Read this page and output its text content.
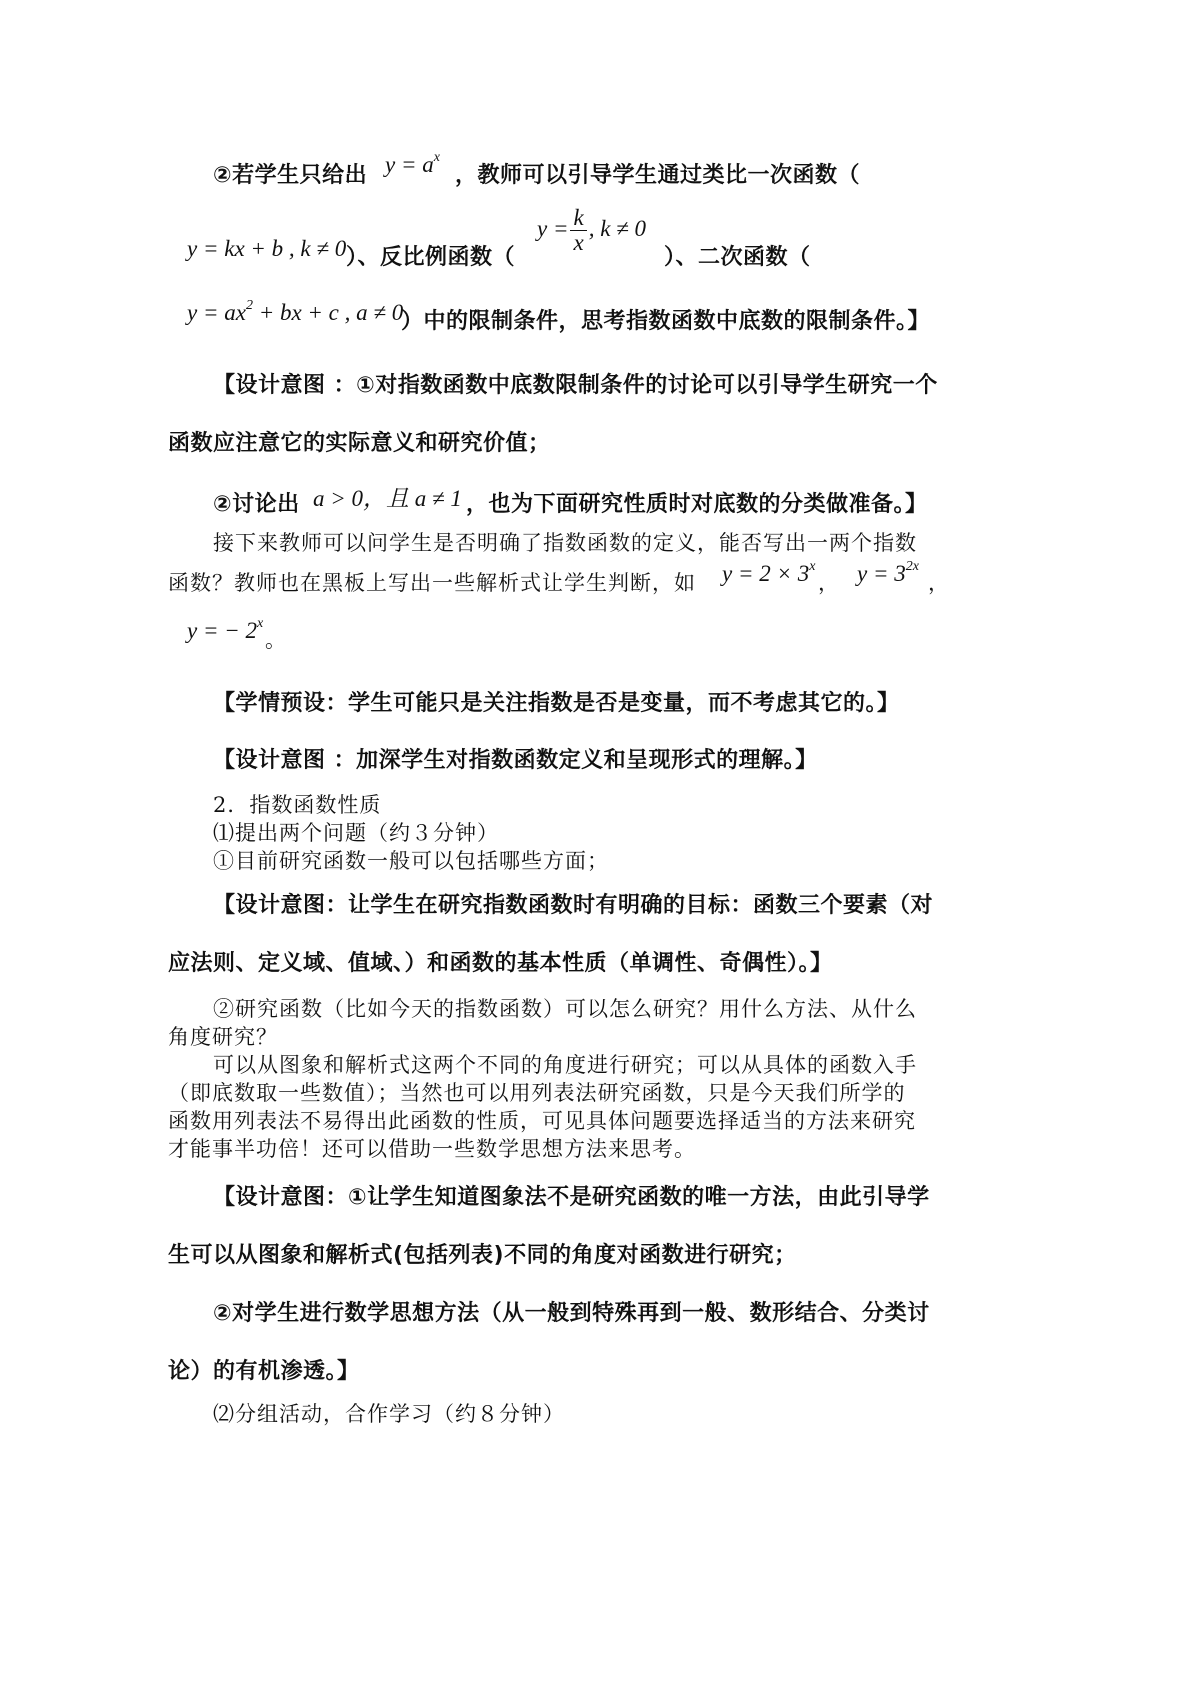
②若学生只给出 $y = a^x$
，教师可以引导学生通过类比一次函数（
y = kx + b , k ≠ 0 ）、反比例函数（
$y = \frac{k}{x}$ , k ≠ 0
）、二次函数（
$y = ax^2$ + bx + c , a ≠ 0
）中的限制条件，思考指数函数中底数的限制条件。】
【设计意图 ：①对指数函数中底数限制条件的讨论可以引导学生研究一个
函数应注意它的实际意义和研究价值；
②讨论出 a > 0，且 a ≠ 1 ，也为下面研究性质时对底数的分类做准备。】
接下来教师可以问学生是否明确了指数函数的定义，能否写出一两个指数
函数？教师也在黑板上写出一些解析式让学生判断，如 $y = 2 \times 3^x$
， $y = 3^{2x}$
，
y = − $2^x$
。
【学情预设：学生可能只是关注指数是否是变量，而不考虑其它的。】
【设计意图 ：加深学生对指数函数定义和呈现形式的理解。】
2．指数函数性质
⑴提出两个问题（约３分钟）
①目前研究函数一般可以包括哪些方面；
【设计意图：让学生在研究指数函数时有明确的目标：函数三个要素（对
应法则、定义域、值域、）和函数的基本性质（单调性、奇偶性）。】
②研究函数（比如今天的指数函数）可以怎么研究？用什么方法、从什么
角度研究？
可以从图象和解析式这两个不同的角度进行研究；可以从具体的函数入手
（即底数取一些数值）；当然也可以用列表法研究函数，只是今天我们所学的
函数用列表法不易得出此函数的性质，可见具体问题要选择适当的方法来研究
才能事半功倍！还可以借助一些数学思想方法来思考。
【设计意图：①让学生知道图象法不是研究函数的唯一方法，由此引导学
生可以从图象和解析式(包括列表)不同的角度对函数进行研究；
②对学生进行数学思想方法（从一般到特殊再到一般、数形结合、分类讨
论）的有机渗透。】
⑵分组活动，合作学习（约８分钟）
